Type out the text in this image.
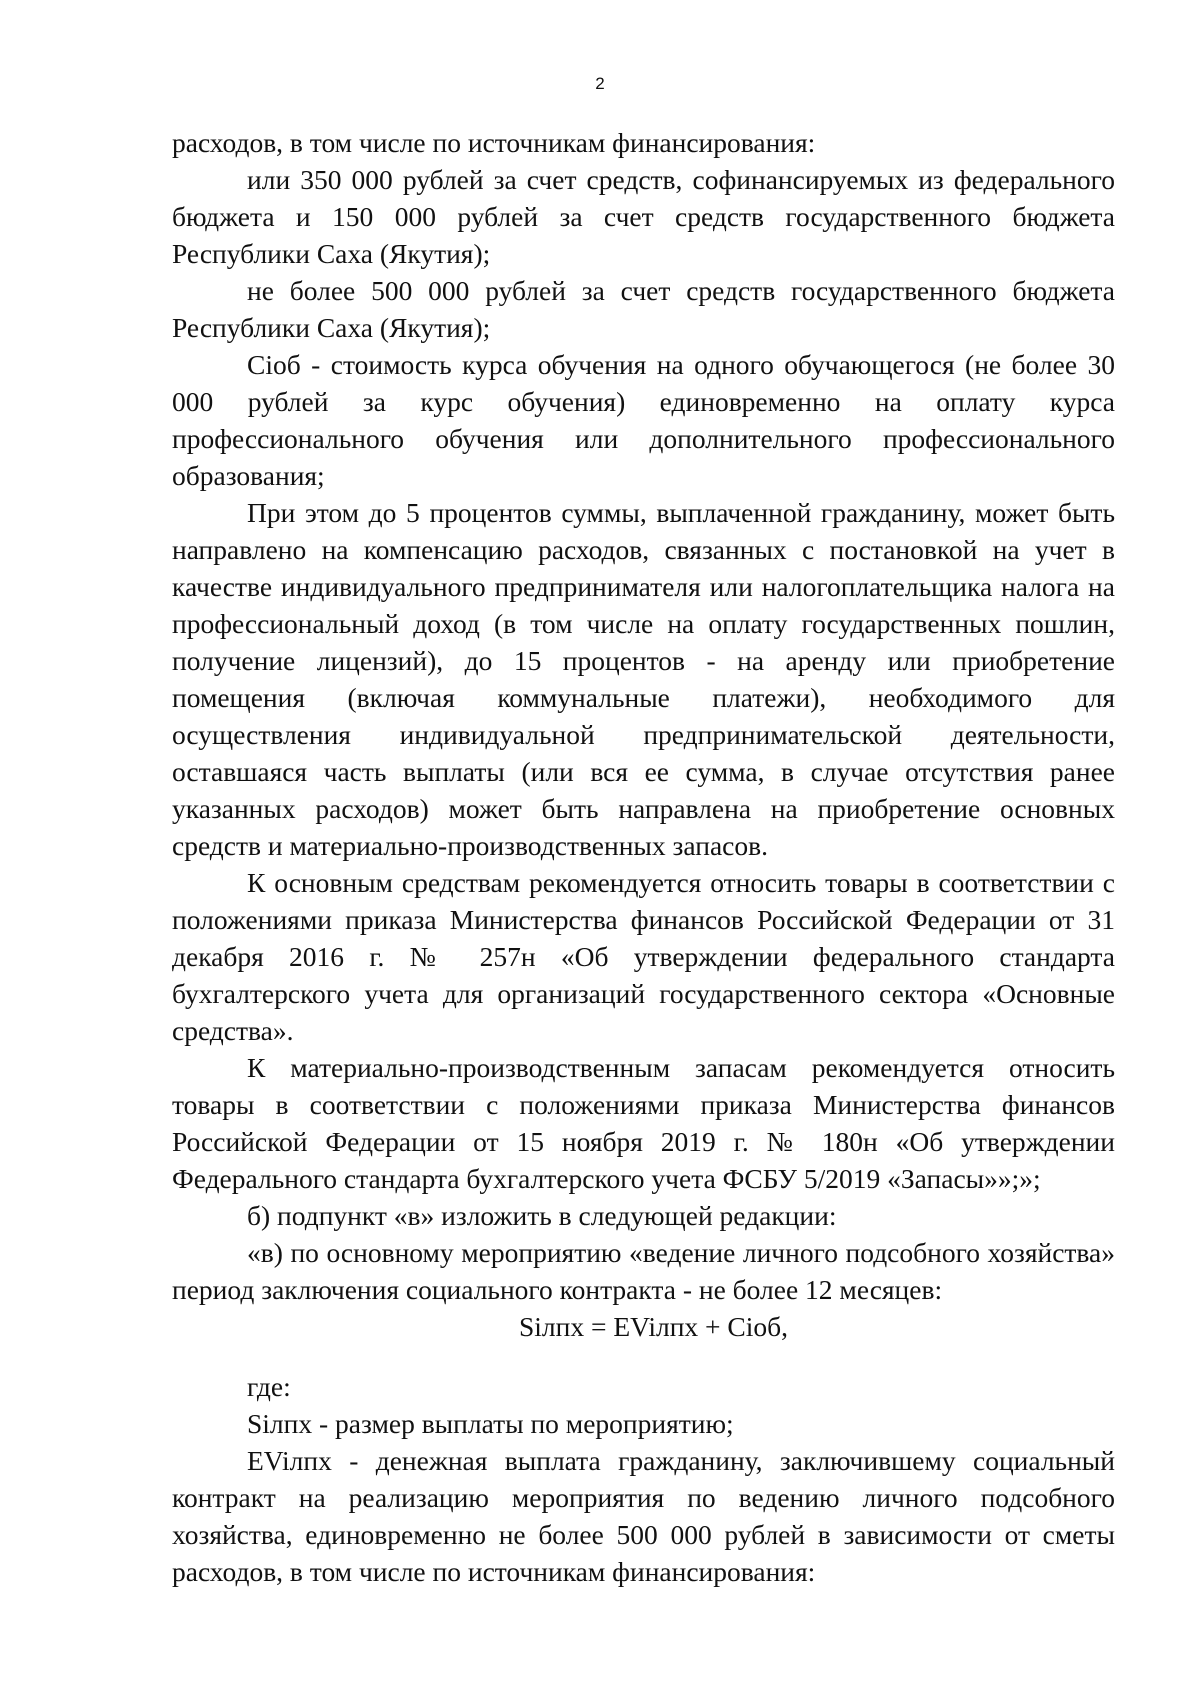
2

расходов, в том числе по источникам финансирования:

или 350 000 рублей за счет средств, софинансируемых из федерального бюджета и 150 000 рублей за счет средств государственного бюджета Республики Саха (Якутия);

не более 500 000 рублей за счет средств государственного бюджета Республики Саха (Якутия);

Ciоб - стоимость курса обучения на одного обучающегося (не более 30 000 рублей за курс обучения) единовременно на оплату курса профессионального обучения или дополнительного профессионального образования;

При этом до 5 процентов суммы, выплаченной гражданину, может быть направлено на компенсацию расходов, связанных с постановкой на учет в качестве индивидуального предпринимателя или налогоплательщика налога на профессиональный доход (в том числе на оплату государственных пошлин, получение лицензий), до 15 процентов - на аренду или приобретение помещения (включая коммунальные платежи), необходимого для осуществления индивидуальной предпринимательской деятельности, оставшаяся часть выплаты (или вся ее сумма, в случае отсутствия ранее указанных расходов) может быть направлена на приобретение основных средств и материально-производственных запасов.

К основным средствам рекомендуется относить товары в соответствии с положениями приказа Министерства финансов Российской Федерации от 31 декабря 2016 г. № 257н «Об утверждении федерального стандарта бухгалтерского учета для организаций государственного сектора «Основные средства».

К материально-производственным запасам рекомендуется относить товары в соответствии с положениями приказа Министерства финансов Российской Федерации от 15 ноября 2019 г. № 180н «Об утверждении Федерального стандарта бухгалтерского учета ФСБУ 5/2019 «Запасы»»;»;

б) подпункт «в» изложить в следующей редакции:

«в) по основному мероприятию «ведение личного подсобного хозяйства» период заключения социального контракта - не более 12 месяцев:

Siлпх = EViлпх + Ciоб,

где:

Siлпх - размер выплаты по мероприятию;

EViлпх - денежная выплата гражданину, заключившему социальный контракт на реализацию мероприятия по ведению личного подсобного хозяйства, единовременно не более 500 000 рублей в зависимости от сметы расходов, в том числе по источникам финансирования:
